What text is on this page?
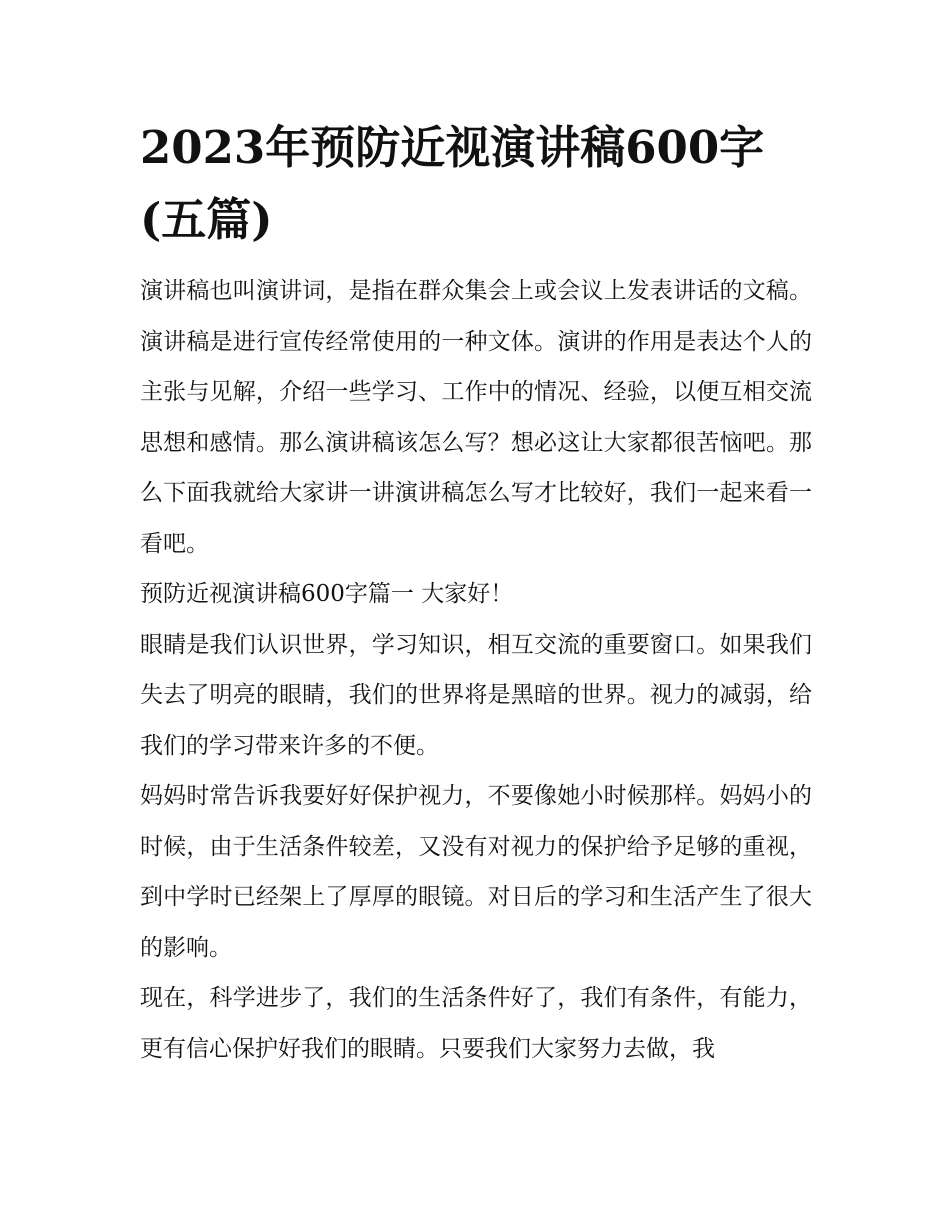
2023年预防近视演讲稿600字(五篇)

演讲稿也叫演讲词，是指在群众集会上或会议上发表讲话的文稿。演讲稿是进行宣传经常使用的一种文体。演讲的作用是表达个人的主张与见解，介绍一些学习、工作中的情况、经验，以便互相交流思想和感情。那么演讲稿该怎么写？想必这让大家都很苦恼吧。那么下面我就给大家讲一讲演讲稿怎么写才比较好，我们一起来看一看吧。

预防近视演讲稿600字篇一 大家好！

眼睛是我们认识世界，学习知识，相互交流的重要窗口。如果我们失去了明亮的眼睛，我们的世界将是黑暗的世界。视力的减弱，给我们的学习带来许多的不便。

妈妈时常告诉我要好好保护视力，不要像她小时候那样。妈妈小的时候，由于生活条件较差，又没有对视力的保护给予足够的重视，到中学时已经架上了厚厚的眼镜。对日后的学习和生活产生了很大的影响。

现在，科学进步了，我们的生活条件好了，我们有条件，有能力，更有信心保护好我们的眼睛。只要我们大家努力去做，我
